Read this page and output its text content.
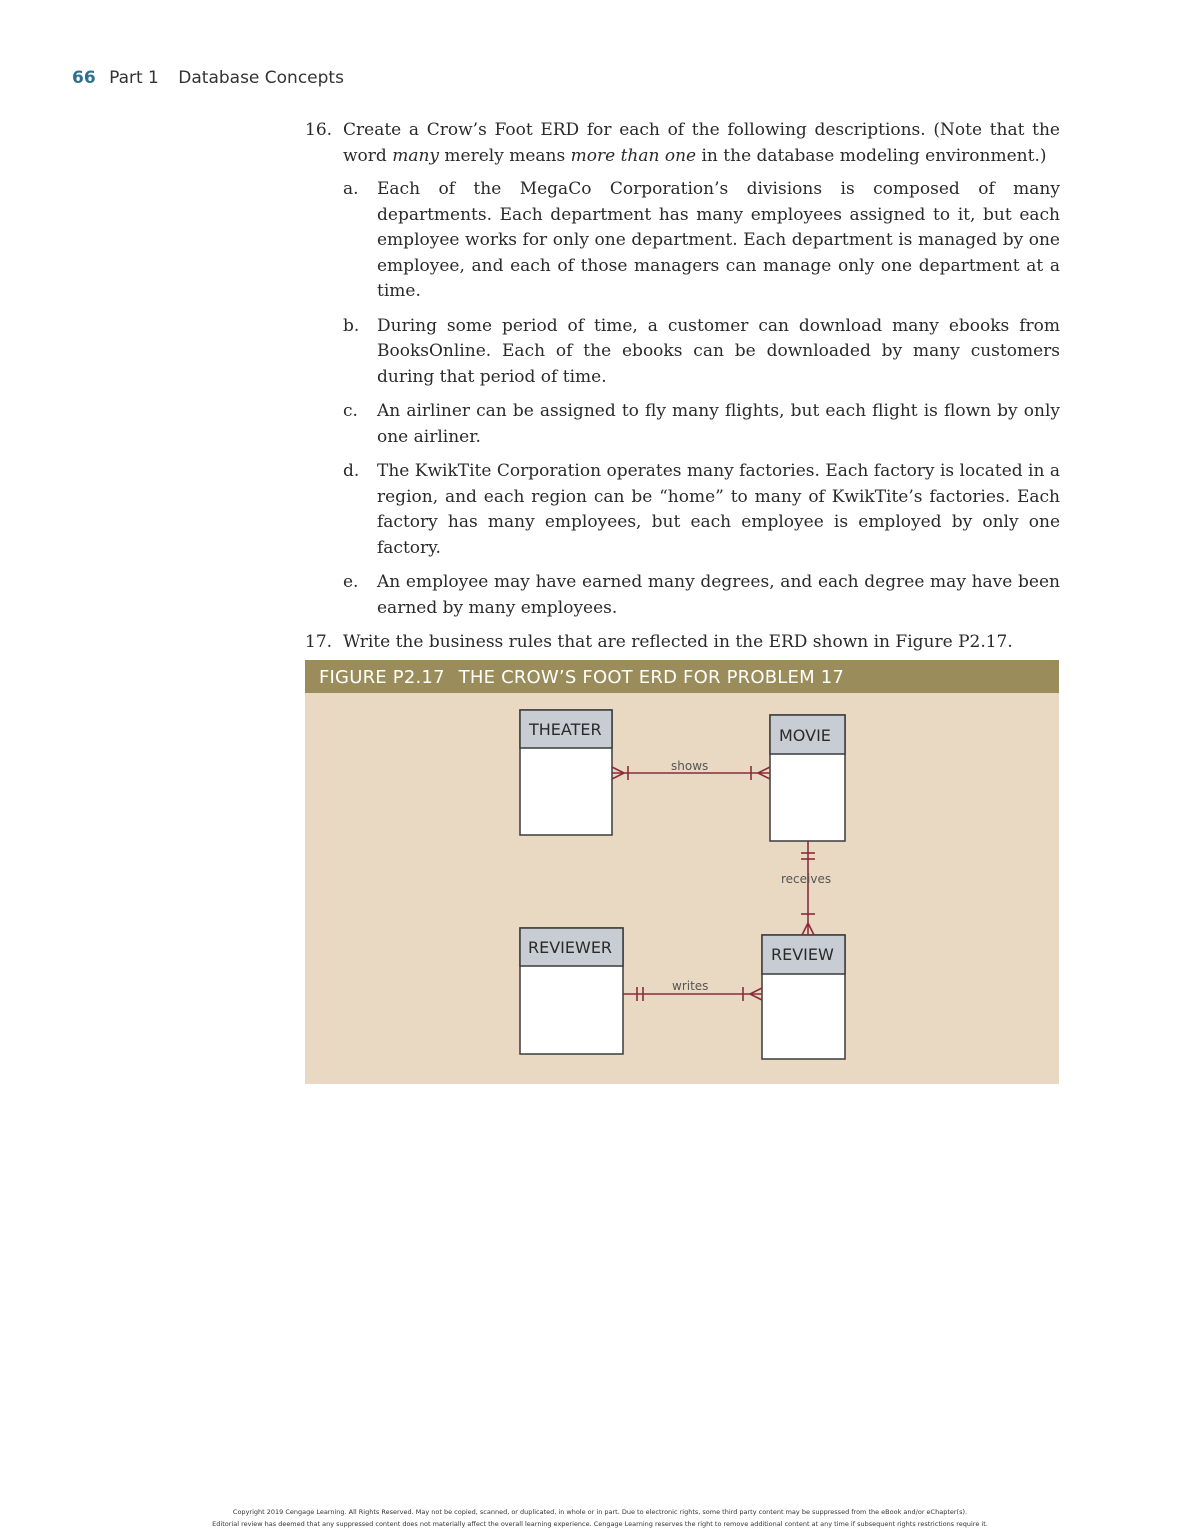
66 Part 1 Database Concepts
16. Create a Crow’s Foot ERD for each of the following descriptions. (Note that the word many merely means more than one in the database modeling environment.)

a. Each of the MegaCo Corporation’s divisions is composed of many departments. Each department has many employees assigned to it, but each employee works for only one department. Each department is managed by one employee, and each of those managers can manage only one department at a time.

b. During some period of time, a customer can download many ebooks from BooksOnline. Each of the ebooks can be downloaded by many customers during that period of time.

c. An airliner can be assigned to fly many flights, but each flight is flown by only one airliner.

d. The KwikTite Corporation operates many factories. Each factory is located in a region, and each region can be “home” to many of KwikTite’s factories. Each factory has many employees, but each employee is employed by only one factory.

e. An employee may have earned many degrees, and each degree may have been earned by many employees.

17. Write the business rules that are reflected in the ERD shown in Figure P2.17.

FIGURE P2.17 THE CROW’S FOOT ERD FOR PROBLEM 17
THEATER	MOVIE
REVIEWER	REVIEW
shows
receives
writes
Copyright 2019 Cengage Learning. All Rights Reserved. May not be copied, scanned, or duplicated, in whole or in part. Due to electronic rights, some third party content may be suppressed from the eBook and/or eChapter(s).
Editorial review has deemed that any suppressed content does not materially affect the overall learning experience. Cengage Learning reserves the right to remove additional content at any time if subsequent rights restrictions require it.
